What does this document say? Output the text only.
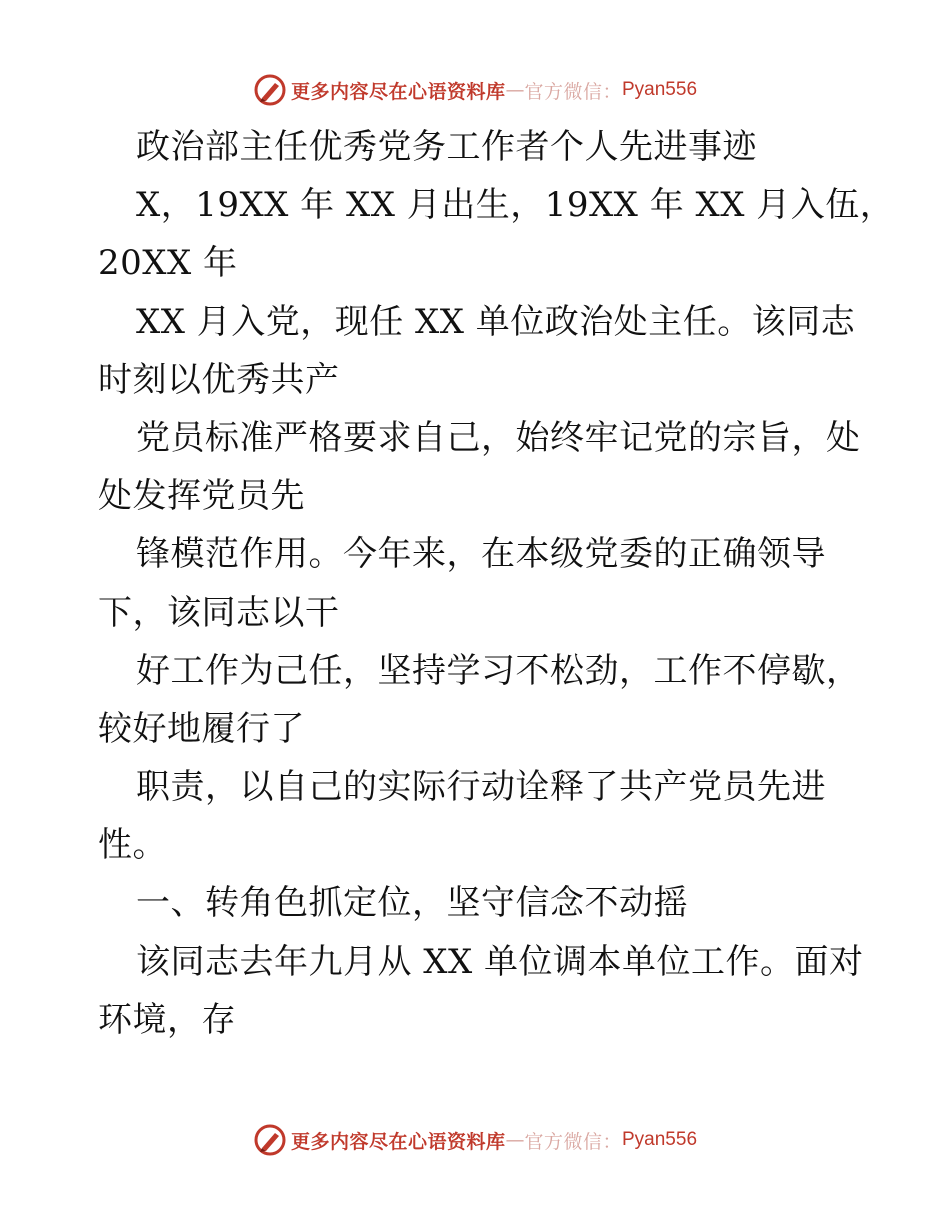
更多内容尽在心语资料库 — 官方微信： Pyan556
政治部主任优秀党务工作者个人先进事迹
X，19XX 年 XX 月出生，19XX 年 XX 月入伍，
20XX 年
XX 月入党，现任 XX 单位政治处主任。该同志
时刻以优秀共产
党员标准严格要求自己，始终牢记党的宗旨，处
处发挥党员先
锋模范作用。今年来，在本级党委的正确领导
下，该同志以干
好工作为己任，坚持学习不松劲，工作不停歇，
较好地履行了
职责，以自己的实际行动诠释了共产党员先进
性。
一、转角色抓定位，坚守信念不动摇
该同志去年九月从 XX 单位调本单位工作。面对
环境，存
更多内容尽在心语资料库 — 官方微信： Pyan556
